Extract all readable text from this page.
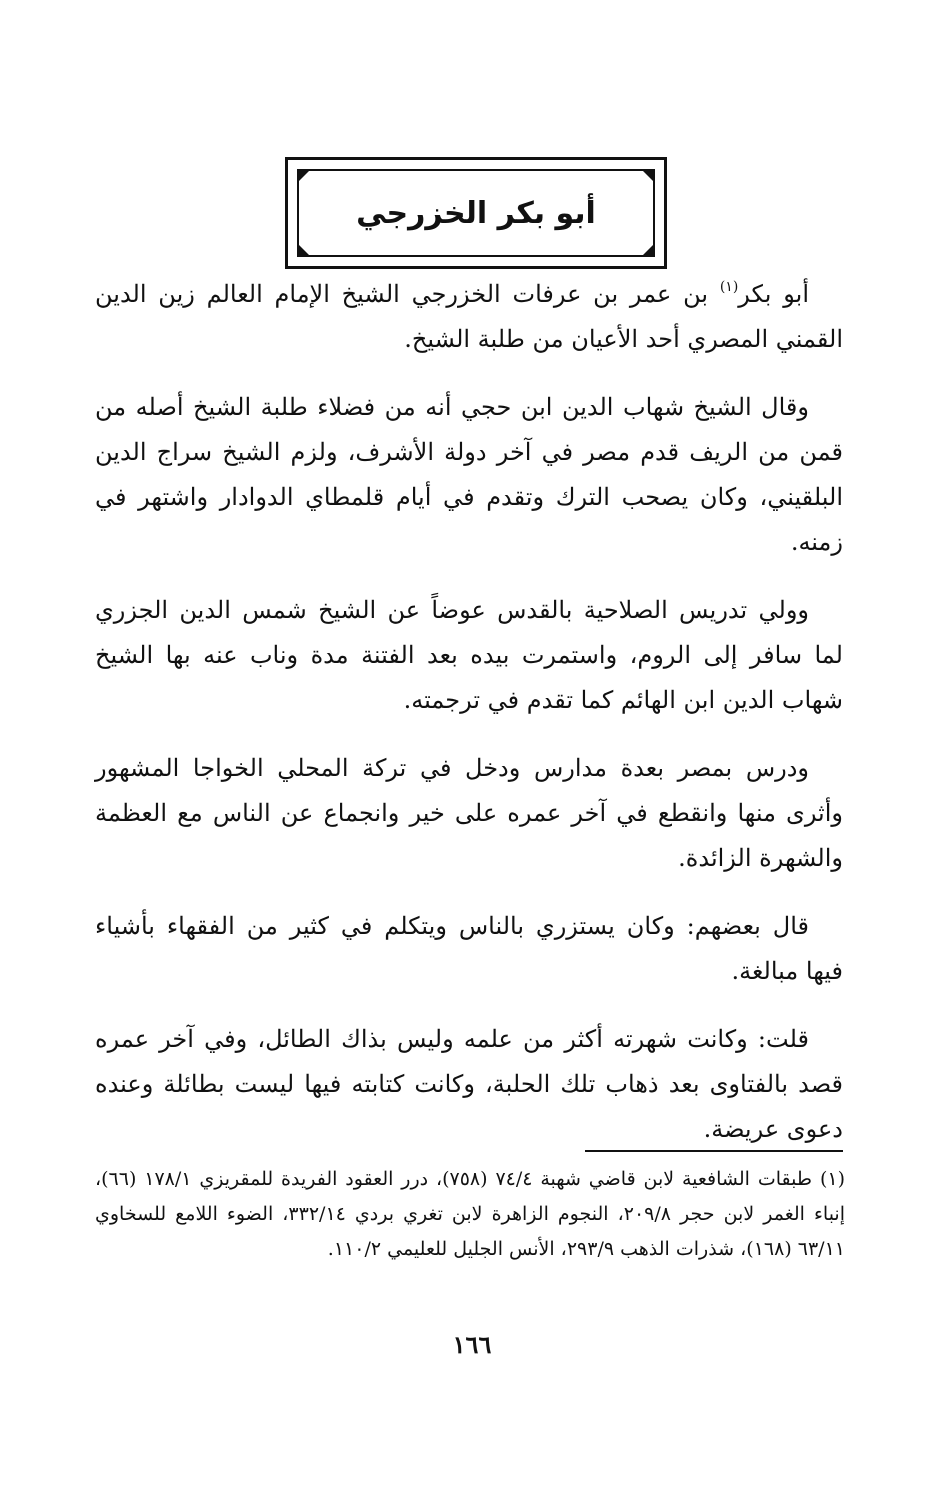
أبو بكر الخزرجي

أبو بكر$^{(١)}$ بن عمر بن عرفات الخزرجي الشيخ الإمام العالم زين الدين القمني المصري أحد الأعيان من طلبة الشيخ.

وقال الشيخ شهاب الدين ابن حجي أنه من فضلاء طلبة الشيخ أصله من قمن من الريف قدم مصر في آخر دولة الأشرف، ولزم الشيخ سراج الدين البلقيني، وكان يصحب الترك وتقدم في أيام قلمطاي الدوادار واشتهر في زمنه.

وولي تدريس الصلاحية بالقدس عوضاً عن الشيخ شمس الدين الجزري لما سافر إلى الروم، واستمرت بيده بعد الفتنة مدة وناب عنه بها الشيخ شهاب الدين ابن الهائم كما تقدم في ترجمته.

ودرس بمصر بعدة مدارس ودخل في تركة المحلي الخواجا المشهور وأثرى منها وانقطع في آخر عمره على خير وانجماع عن الناس مع العظمة والشهرة الزائدة.

قال بعضهم: وكان يستزري بالناس ويتكلم في كثير من الفقهاء بأشياء فيها مبالغة.

قلت: وكانت شهرته أكثر من علمه وليس بذاك الطائل، وفي آخر عمره قصد بالفتاوى بعد ذهاب تلك الحلبة، وكانت كتابته فيها ليست بطائلة وعنده دعوى عريضة.

(١)طبقات الشافعية لابن قاضي شهبة ٧٤/٤ (٧٥٨)، درر العقود الفريدة للمقريزي ١٧٨/١ (٦٦)، إنباء الغمر لابن حجر ٢٠٩/٨، النجوم الزاهرة لابن تغري بردي ٣٣٢/١٤، الضوء اللامع للسخاوي ٦٣/١١ (١٦٨)، شذرات الذهب ٢٩٣/٩، الأنس الجليل للعليمي ١١٠/٢.
١٦٦
